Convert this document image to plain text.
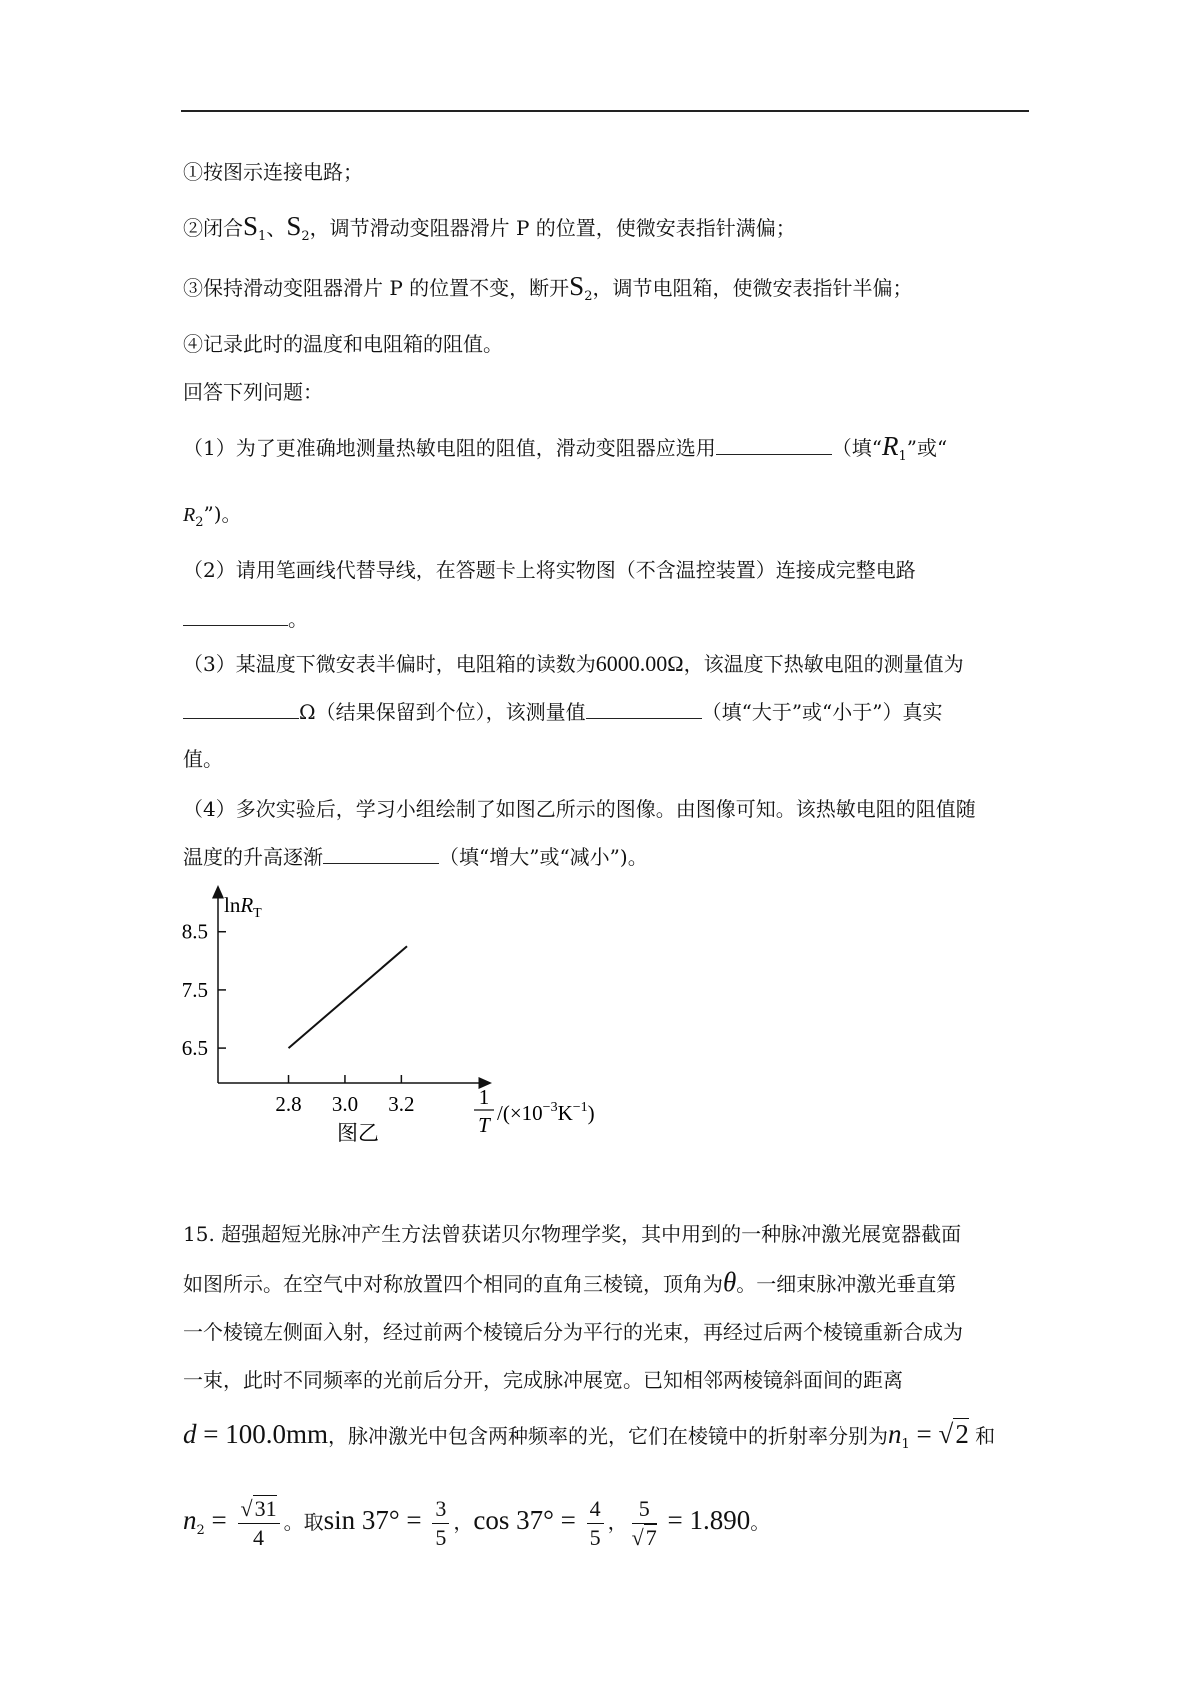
①按图示连接电路；
②闭合$S_1$、$S_2$，调节滑动变阻器滑片 P 的位置，使微安表指针满偏；
③保持滑动变阻器滑片 P 的位置不变，断开$S_2$，调节电阻箱，使微安表指针半偏；
④记录此时的温度和电阻箱的阻值。
回答下列问题：
（1）为了更准确地测量热敏电阻的阻值，滑动变阻器应选用	（填“$R_1$”或“
$R_2$”)。
（2）请用笔画线代替导线，在答题卡上将实物图（不含温控装置）连接成完整电路
。
（3）某温度下微安表半偏时，电阻箱的读数为6000.00Ω，该温度下热敏电阻的测量值为
Ω（结果保留到个位），该测量值	（填“大于”或“小于”）真实
值。
（4）多次实验后，学习小组绘制了如图乙所示的图像。由图像可知。该热敏电阻的阻值随
温度的升高逐渐	（填“增大”或“减小”)。
8.5
7.5
6.5
2.8 3.0 3.2
lnR$_T$
1
T $/(\times 10^{-3}K^{-1})$
图乙
15. 超强超短光脉冲产生方法曾获诺贝尔物理学奖，其中用到的一种脉冲激光展宽器截面
如图所示。在空气中对称放置四个相同的直角三棱镜，顶角为θ。一细束脉冲激光垂直第
一个棱镜左侧面入射，经过前两个棱镜后分为平行的光束，再经过后两个棱镜重新合成为
一束，此时不同频率的光前后分开，完成脉冲展宽。已知相邻两棱镜斜面间的距离
d = 100.0mm，脉冲激光中包含两种频率的光，它们在棱镜中的折射率分别为$n_1 = √2$ 和
$n_2 = \frac{√31}{4}$ 。取$\sin 37^\circ = \frac{3}{5}$ ，$\cos 37^\circ = \frac{4}{5}$ ， $\frac{5}{√7} = 1.890$。
